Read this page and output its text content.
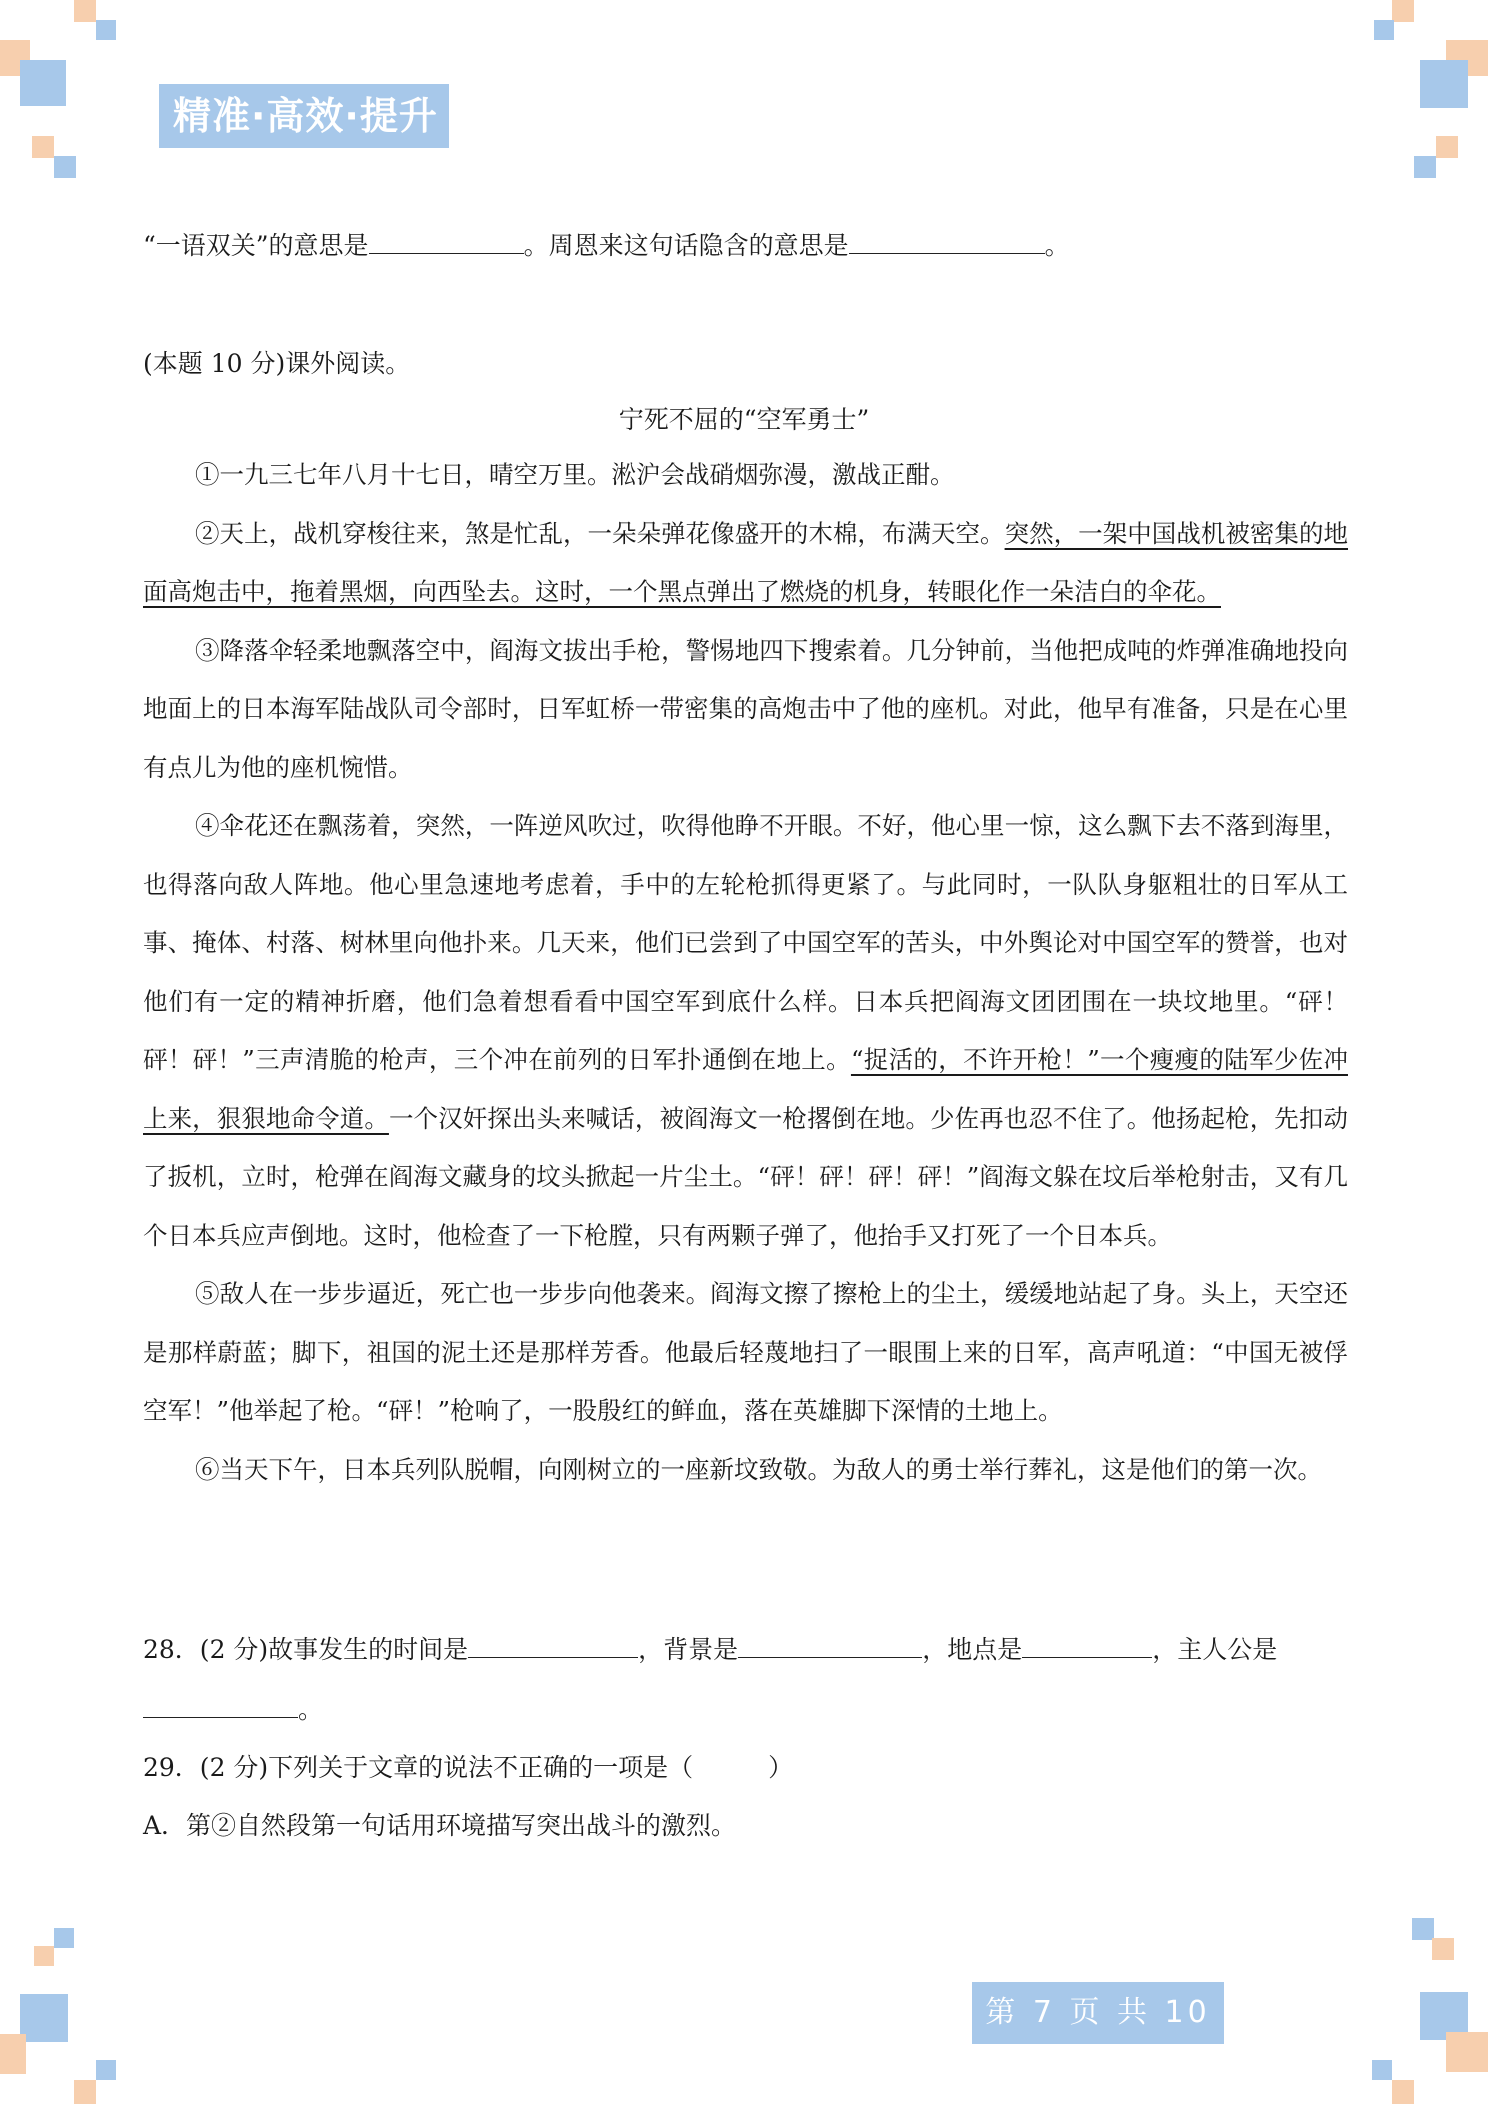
精准·高效·提升
“一语双关”的意思是	。周恩来这句话隐含的意思是	。
(本题 10 分)课外阅读。
宁死不屈的“空军勇士”

①一九三七年八月十七日，晴空万里。淞沪会战硝烟弥漫，激战正酣。

②天上，战机穿梭往来，煞是忙乱，一朵朵弹花像盛开的木棉，布满天空。突然，一架中国战机被密集的地面高炮击中，拖着黑烟，向西坠去。这时，一个黑点弹出了燃烧的机身，转眼化作一朵洁白的伞花。

③降落伞轻柔地飘落空中，阎海文拔出手枪，警惕地四下搜索着。几分钟前，当他把成吨的炸弹准确地投向地面上的日本海军陆战队司令部时，日军虹桥一带密集的高炮击中了他的座机。对此，他早有准备，只是在心里有点儿为他的座机惋惜。

④伞花还在飘荡着，突然，一阵逆风吹过，吹得他睁不开眼。不好，他心里一惊，这么飘下去不落到海里，也得落向敌人阵地。他心里急速地考虑着，手中的左轮枪抓得更紧了。与此同时，一队队身躯粗壮的日军从工事、掩体、村落、树林里向他扑来。几天来，他们已尝到了中国空军的苦头，中外舆论对中国空军的赞誉，也对他们有一定的精神折磨，他们急着想看看中国空军到底什么样。日本兵把阎海文团团围在一块坟地里。“砰！砰！砰！”三声清脆的枪声，三个冲在前列的日军扑通倒在地上。“捉活的，不许开枪！”一个瘦瘦的陆军少佐冲上来，狠狠地命令道。一个汉奸探出头来喊话，被阎海文一枪撂倒在地。少佐再也忍不住了。他扬起枪，先扣动了扳机，立时，枪弹在阎海文藏身的坟头掀起一片尘土。“砰！砰！砰！砰！”阎海文躲在坟后举枪射击，又有几个日本兵应声倒地。这时，他检查了一下枪膛，只有两颗子弹了，他抬手又打死了一个日本兵。

⑤敌人在一步步逼近，死亡也一步步向他袭来。阎海文擦了擦枪上的尘土，缓缓地站起了身。头上，天空还是那样蔚蓝；脚下，祖国的泥土还是那样芳香。他最后轻蔑地扫了一眼围上来的日军，高声吼道：“中国无被俘空军！”他举起了枪。“砰！”枪响了，一股殷红的鲜血，落在英雄脚下深情的土地上。

⑥当天下午，日本兵列队脱帽，向刚树立的一座新坟致敬。为敌人的勇士举行葬礼，这是他们的第一次。

28．(2 分)故事发生的时间是	，背景是	，地点是	，主人公是
。
29．(2 分)下列关于文章的说法不正确的一项是（　　　）
A．第②自然段第一句话用环境描写突出战斗的激烈。
第 7 页 共 10 页
